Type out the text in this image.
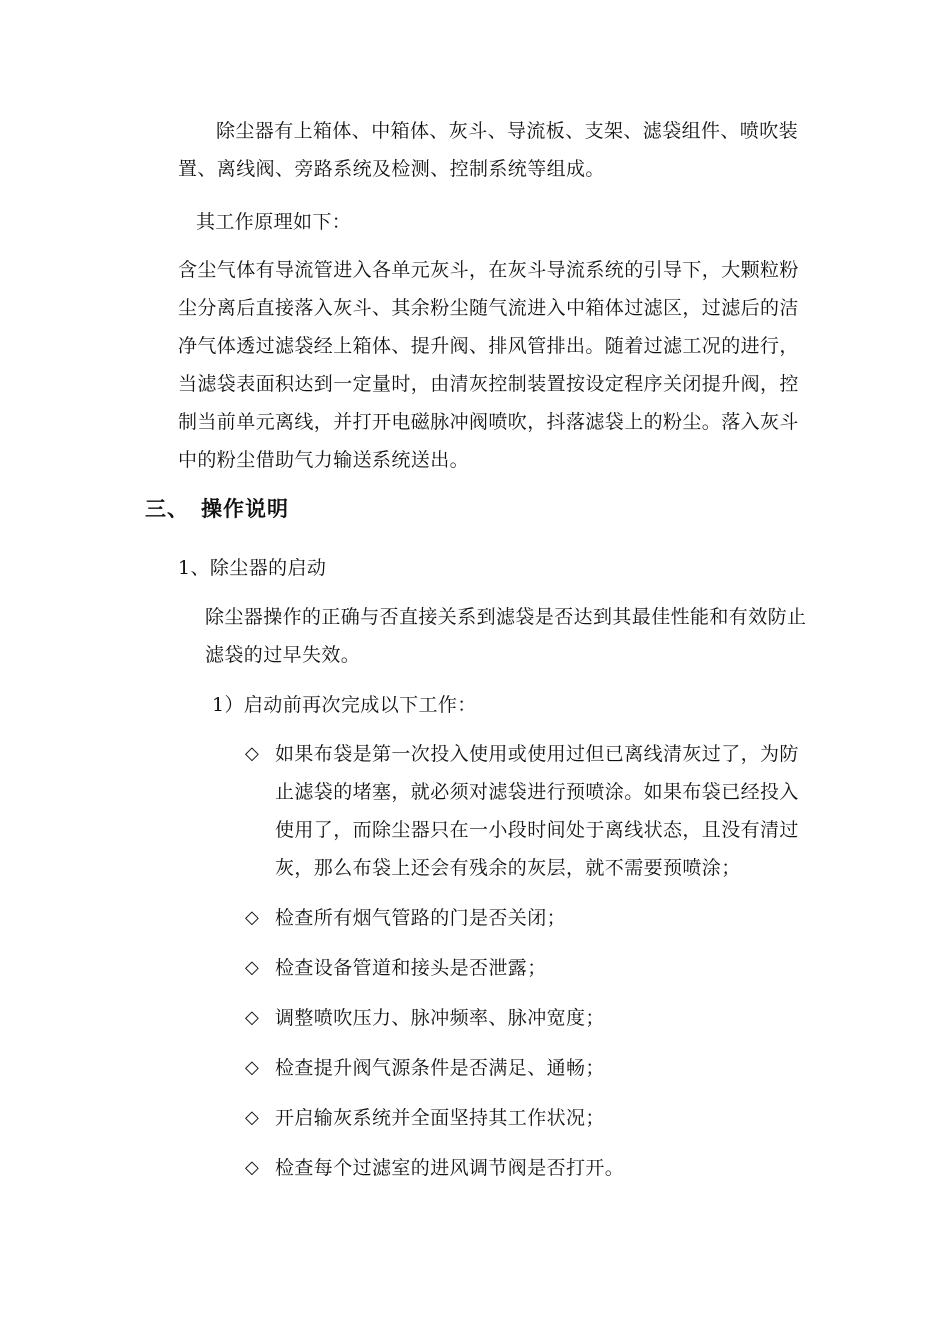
除尘器有上箱体、中箱体、灰斗、导流板、支架、滤袋组件、喷吹装置、离线阀、旁路系统及检测、控制系统等组成。

其工作原理如下：

含尘气体有导流管进入各单元灰斗，在灰斗导流系统的引导下，大颗粒粉尘分离后直接落入灰斗、其余粉尘随气流进入中箱体过滤区，过滤后的洁净气体透过滤袋经上箱体、提升阀、排风管排出。随着过滤工况的进行，当滤袋表面积达到一定量时，由清灰控制装置按设定程序关闭提升阀，控制当前单元离线，并打开电磁脉冲阀喷吹，抖落滤袋上的粉尘。落入灰斗中的粉尘借助气力输送系统送出。

三、 操作说明

1、除尘器的启动

除尘器操作的正确与否直接关系到滤袋是否达到其最佳性能和有效防止滤袋的过早失效。

1）启动前再次完成以下工作：

◇ 如果布袋是第一次投入使用或使用过但已离线清灰过了，为防止滤袋的堵塞，就必须对滤袋进行预喷涂。如果布袋已经投入使用了，而除尘器只在一小段时间处于离线状态，且没有清过灰，那么布袋上还会有残余的灰层，就不需要预喷涂；
◇ 检查所有烟气管路的门是否关闭；
◇ 检查设备管道和接头是否泄露；
◇ 调整喷吹压力、脉冲频率、脉冲宽度；
◇ 检查提升阀气源条件是否满足、通畅；
◇ 开启输灰系统并全面坚持其工作状况；
◇ 检查每个过滤室的进风调节阀是否打开。
